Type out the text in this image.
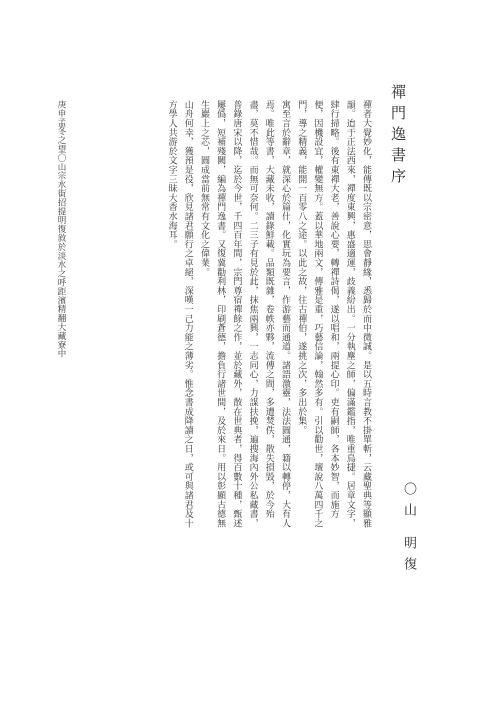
禪門逸書序
〇山 明復

禪者大覺妙化，能傳既以宗密意，思會靜緣，悉歸於而中微誠。是以五時言教不掛單斬，云藏聖典等顯雅韻。迨于正法西來，禪度東興，惠盛適運，歧義紛出。一分執塵之師，偏滿鑑指，唯重鳥捷。居章文字，肆行掃略。後有東禪大老，善說心要，轉禪詩偈，遂以唱和，兩提心印。吏有嗣師，各本妙智，而施方便，因機設宜，權變無方。蓋以華地兩文，傳雅是重，巧藝信論，翰然多有。引以勸世，壇說八萬四千之門，導之精義，能開一百零八之途。以此之故，往古禪伯，遂挑之次，多出於集。

寓至言於辭章，就深心於篇什，化實玩為要言，作游藝而通道。諸語激靈，法法圓通，籍以轉停，大有人焉。唯此等書，大藏未收，讀錄鮮載。品類既雜，卷帙亦夥，流傳之間，多遭焚佚，散失損毀，於今殆盡，莫不惜哉。而無可奈何。二三子有見於此，抹焦兩興，一志同心，力謀扶挽，遍搜海內外公私藏書，普錄唐宋以降，迄於今世，千四百年間，宗門尊宿禪餘之作，並於藏外，散在世典者，得百數十種，甄述屢僞，短補殘闕，編為禪門逸書。又復冀勸利林，印刷蒼德，擔負行諸世間，及於來日。用以彰顯古德無生巖上之芯，圓成當前無常有文化之偉業。

山舟何幸，獲預是役，欣見諸君願行之卓絕，深嘆一己力能之薄劣。惟念書成降讀之日，或可與諸君及十方學人共游於文字三昧大香水海耳。

庚申孟冬之望〇山宗水街招提明復敘於淡水之呼距濱精翻大藏寮中
